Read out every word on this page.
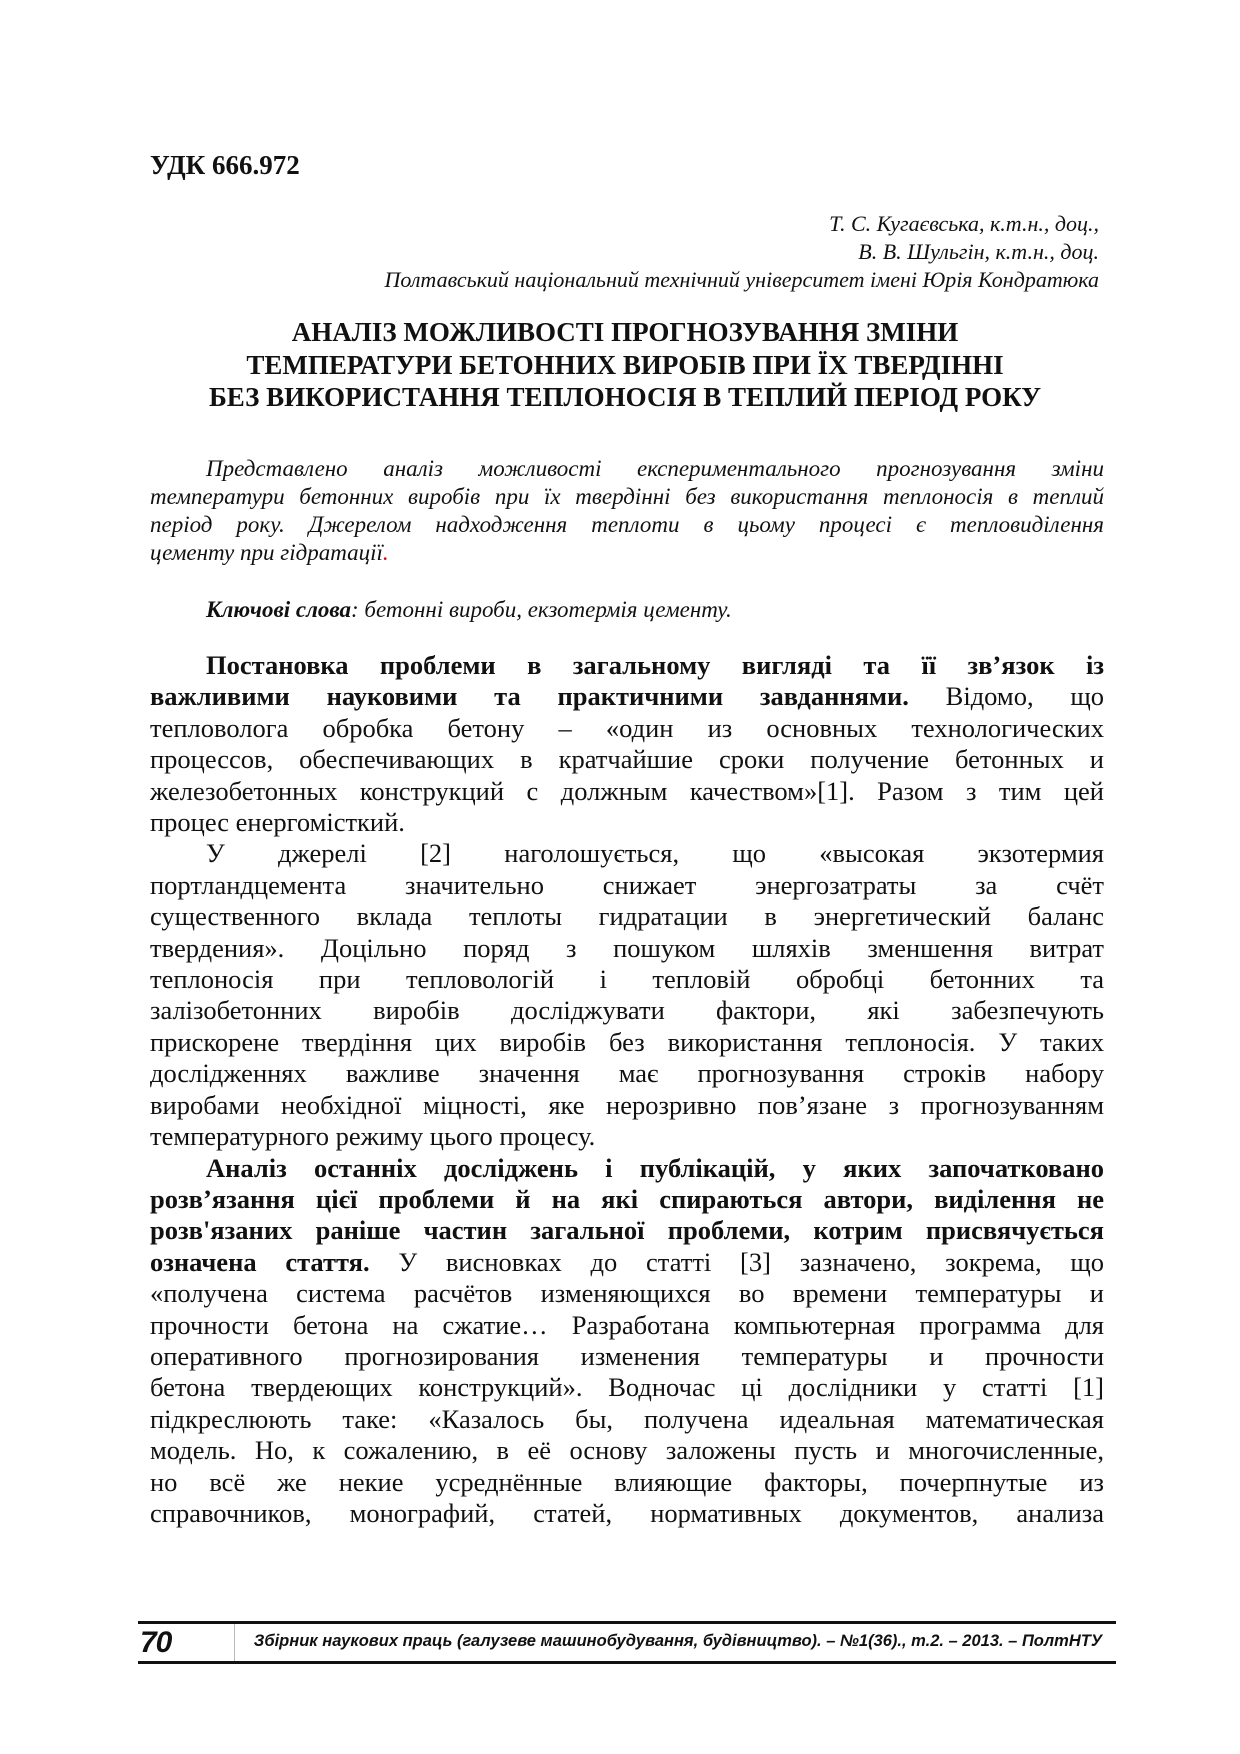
УДК 666.972
Т. С. Кугаєвська, к.т.н., доц.,
В. В. Шульгін, к.т.н., доц.
Полтавський національний технічний університет імені Юрія Кондратюка
АНАЛІЗ МОЖЛИВОСТІ ПРОГНОЗУВАННЯ ЗМІНИ
ТЕМПЕРАТУРИ БЕТОННИХ ВИРОБІВ ПРИ ЇХ ТВЕРДІННІ
БЕЗ ВИКОРИСТАННЯ ТЕПЛОНОСІЯ В ТЕПЛИЙ ПЕРІОД РОКУ
Представлено аналіз можливості експериментального прогнозування зміни
температури бетонних виробів при їх твердінні без використання теплоносія в теплий
період року. Джерелом надходження теплоти в цьому процесі є тепловиділення
цементу при гідратації.
Ключові слова: бетонні вироби, екзотермія цементу.
Постановка проблеми в загальному вигляді та її зв’язок із
важливими науковими та практичними завданнями. Відомо, що
тепловолога обробка бетону – «один из основных технологических
процессов, обеспечивающих в кратчайшие сроки получение бетонных и
железобетонных конструкций с должным качеством»[1]. Разом з тим цей
процес енергомісткий.
У джерелі [2] наголошується, що «высокая экзотермия
портландцемента значительно снижает энергозатраты за счёт
существенного вклада теплоты гидратации в энергетический баланс
твердения». Доцільно поряд з пошуком шляхів зменшення витрат
теплоносія при тепловологій і тепловій обробці бетонних та
залізобетонних виробів досліджувати фактори, які забезпечують
прискорене твердіння цих виробів без використання теплоносія. У таких
дослідженнях важливе значення має прогнозування строків набору
виробами необхідної міцності, яке нерозривно пов’язане з прогнозуванням
температурного режиму цього процесу.
Аналіз останніх досліджень і публікацій, у яких започатковано
розв’язання цієї проблеми й на які спираються автори, виділення не
розв'язаних раніше частин загальної проблеми, котрим присвячується
означена стаття. У висновках до статті [3] зазначено, зокрема, що
«получена система расчётов изменяющихся во времени температуры и
прочности бетона на сжатие… Разработана компьютерная программа для
оперативного прогнозирования изменения температуры и прочности
бетона твердеющих конструкций». Водночас ці дослідники у статті [1]
підкреслюють таке: «Казалось бы, получена идеальная математическая
модель. Но, к сожалению, в её основу заложены пусть и многочисленные,
но всё же некие усреднённые влияющие факторы, почерпнутые из
справочников, монографий, статей, нормативных документов, анализа
70	Збірник наукових праць (галузеве машинобудування, будівництво). – №1(36)., т.2. – 2013. – ПолтНТУ
